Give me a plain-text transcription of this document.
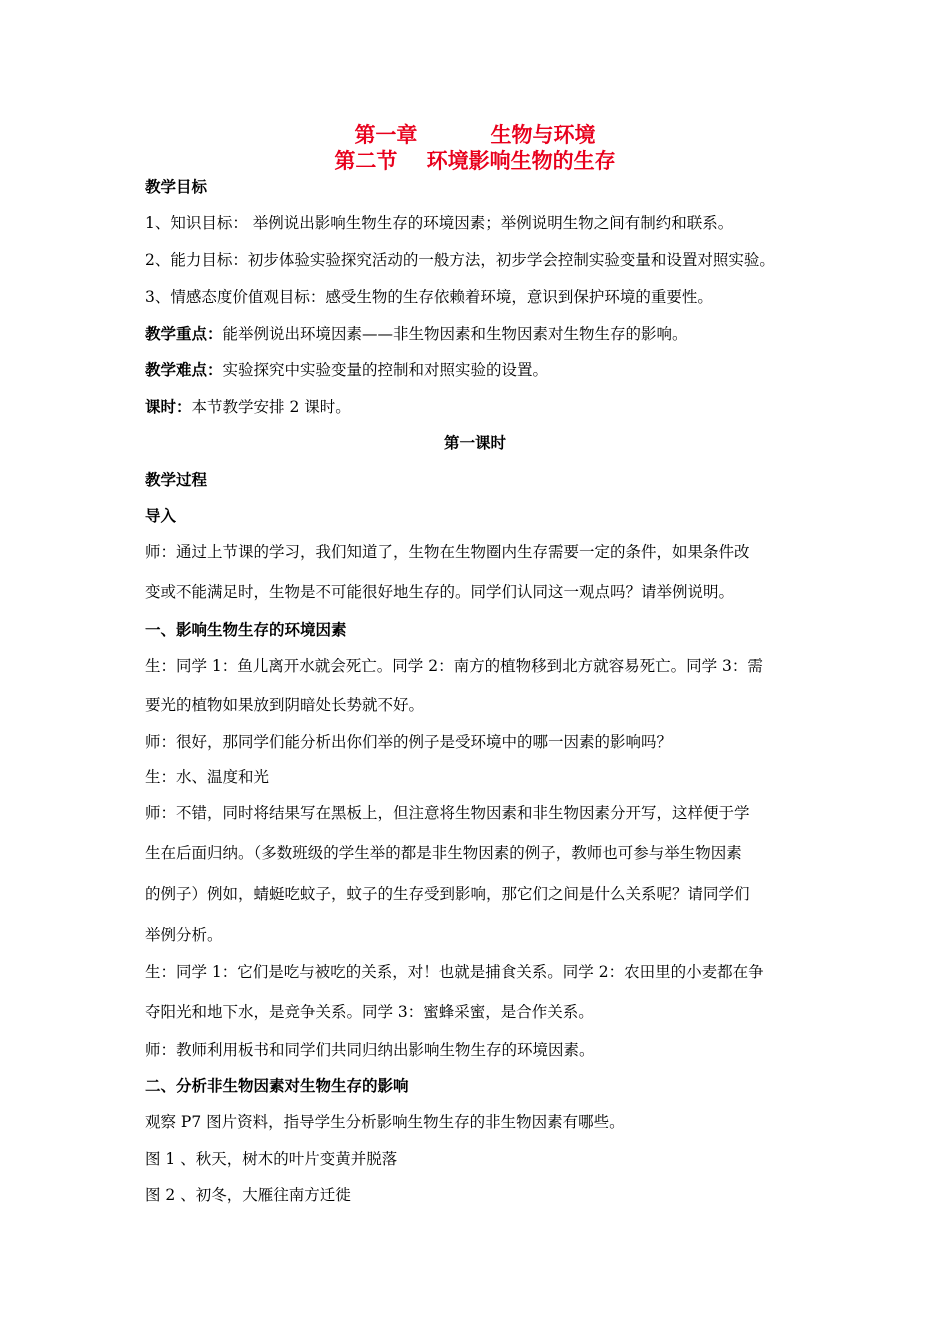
第一章          生物与环境
第二节    环境影响生物的生存
教学目标
1、知识目标： 举例说出影响生物生存的环境因素；举例说明生物之间有制约和联系。
2、能力目标：初步体验实验探究活动的一般方法，初步学会控制实验变量和设置对照实验。
3、情感态度价值观目标：感受生物的生存依赖着环境，意识到保护环境的重要性。
教学重点：能举例说出环境因素——非生物因素和生物因素对生物生存的影响。
教学难点：实验探究中实验变量的控制和对照实验的设置。
课时：本节教学安排 2 课时。
第一课时
教学过程
导入
师：通过上节课的学习，我们知道了，生物在生物圈内生存需要一定的条件，如果条件改
变或不能满足时，生物是不可能很好地生存的。同学们认同这一观点吗？请举例说明。
一、影响生物生存的环境因素
生：同学 1：鱼儿离开水就会死亡。同学 2：南方的植物移到北方就容易死亡。同学 3：需
要光的植物如果放到阴暗处长势就不好。
师：很好，那同学们能分析出你们举的例子是受环境中的哪一因素的影响吗？
生：水、温度和光
师：不错，同时将结果写在黑板上，但注意将生物因素和非生物因素分开写，这样便于学
生在后面归纳。（多数班级的学生举的都是非生物因素的例子，教师也可参与举生物因素
的例子）例如，蜻蜓吃蚊子，蚊子的生存受到影响，那它们之间是什么关系呢？请同学们
举例分析。
生：同学 1：它们是吃与被吃的关系，对！也就是捕食关系。同学 2：农田里的小麦都在争
夺阳光和地下水，是竞争关系。同学 3：蜜蜂采蜜，是合作关系。
师：教师利用板书和同学们共同归纳出影响生物生存的环境因素。
二、分析非生物因素对生物生存的影响
观察 P7 图片资料，指导学生分析影响生物生存的非生物因素有哪些。
图 1 、秋天，树木的叶片变黄并脱落
图 2 、初冬，大雁往南方迁徙
